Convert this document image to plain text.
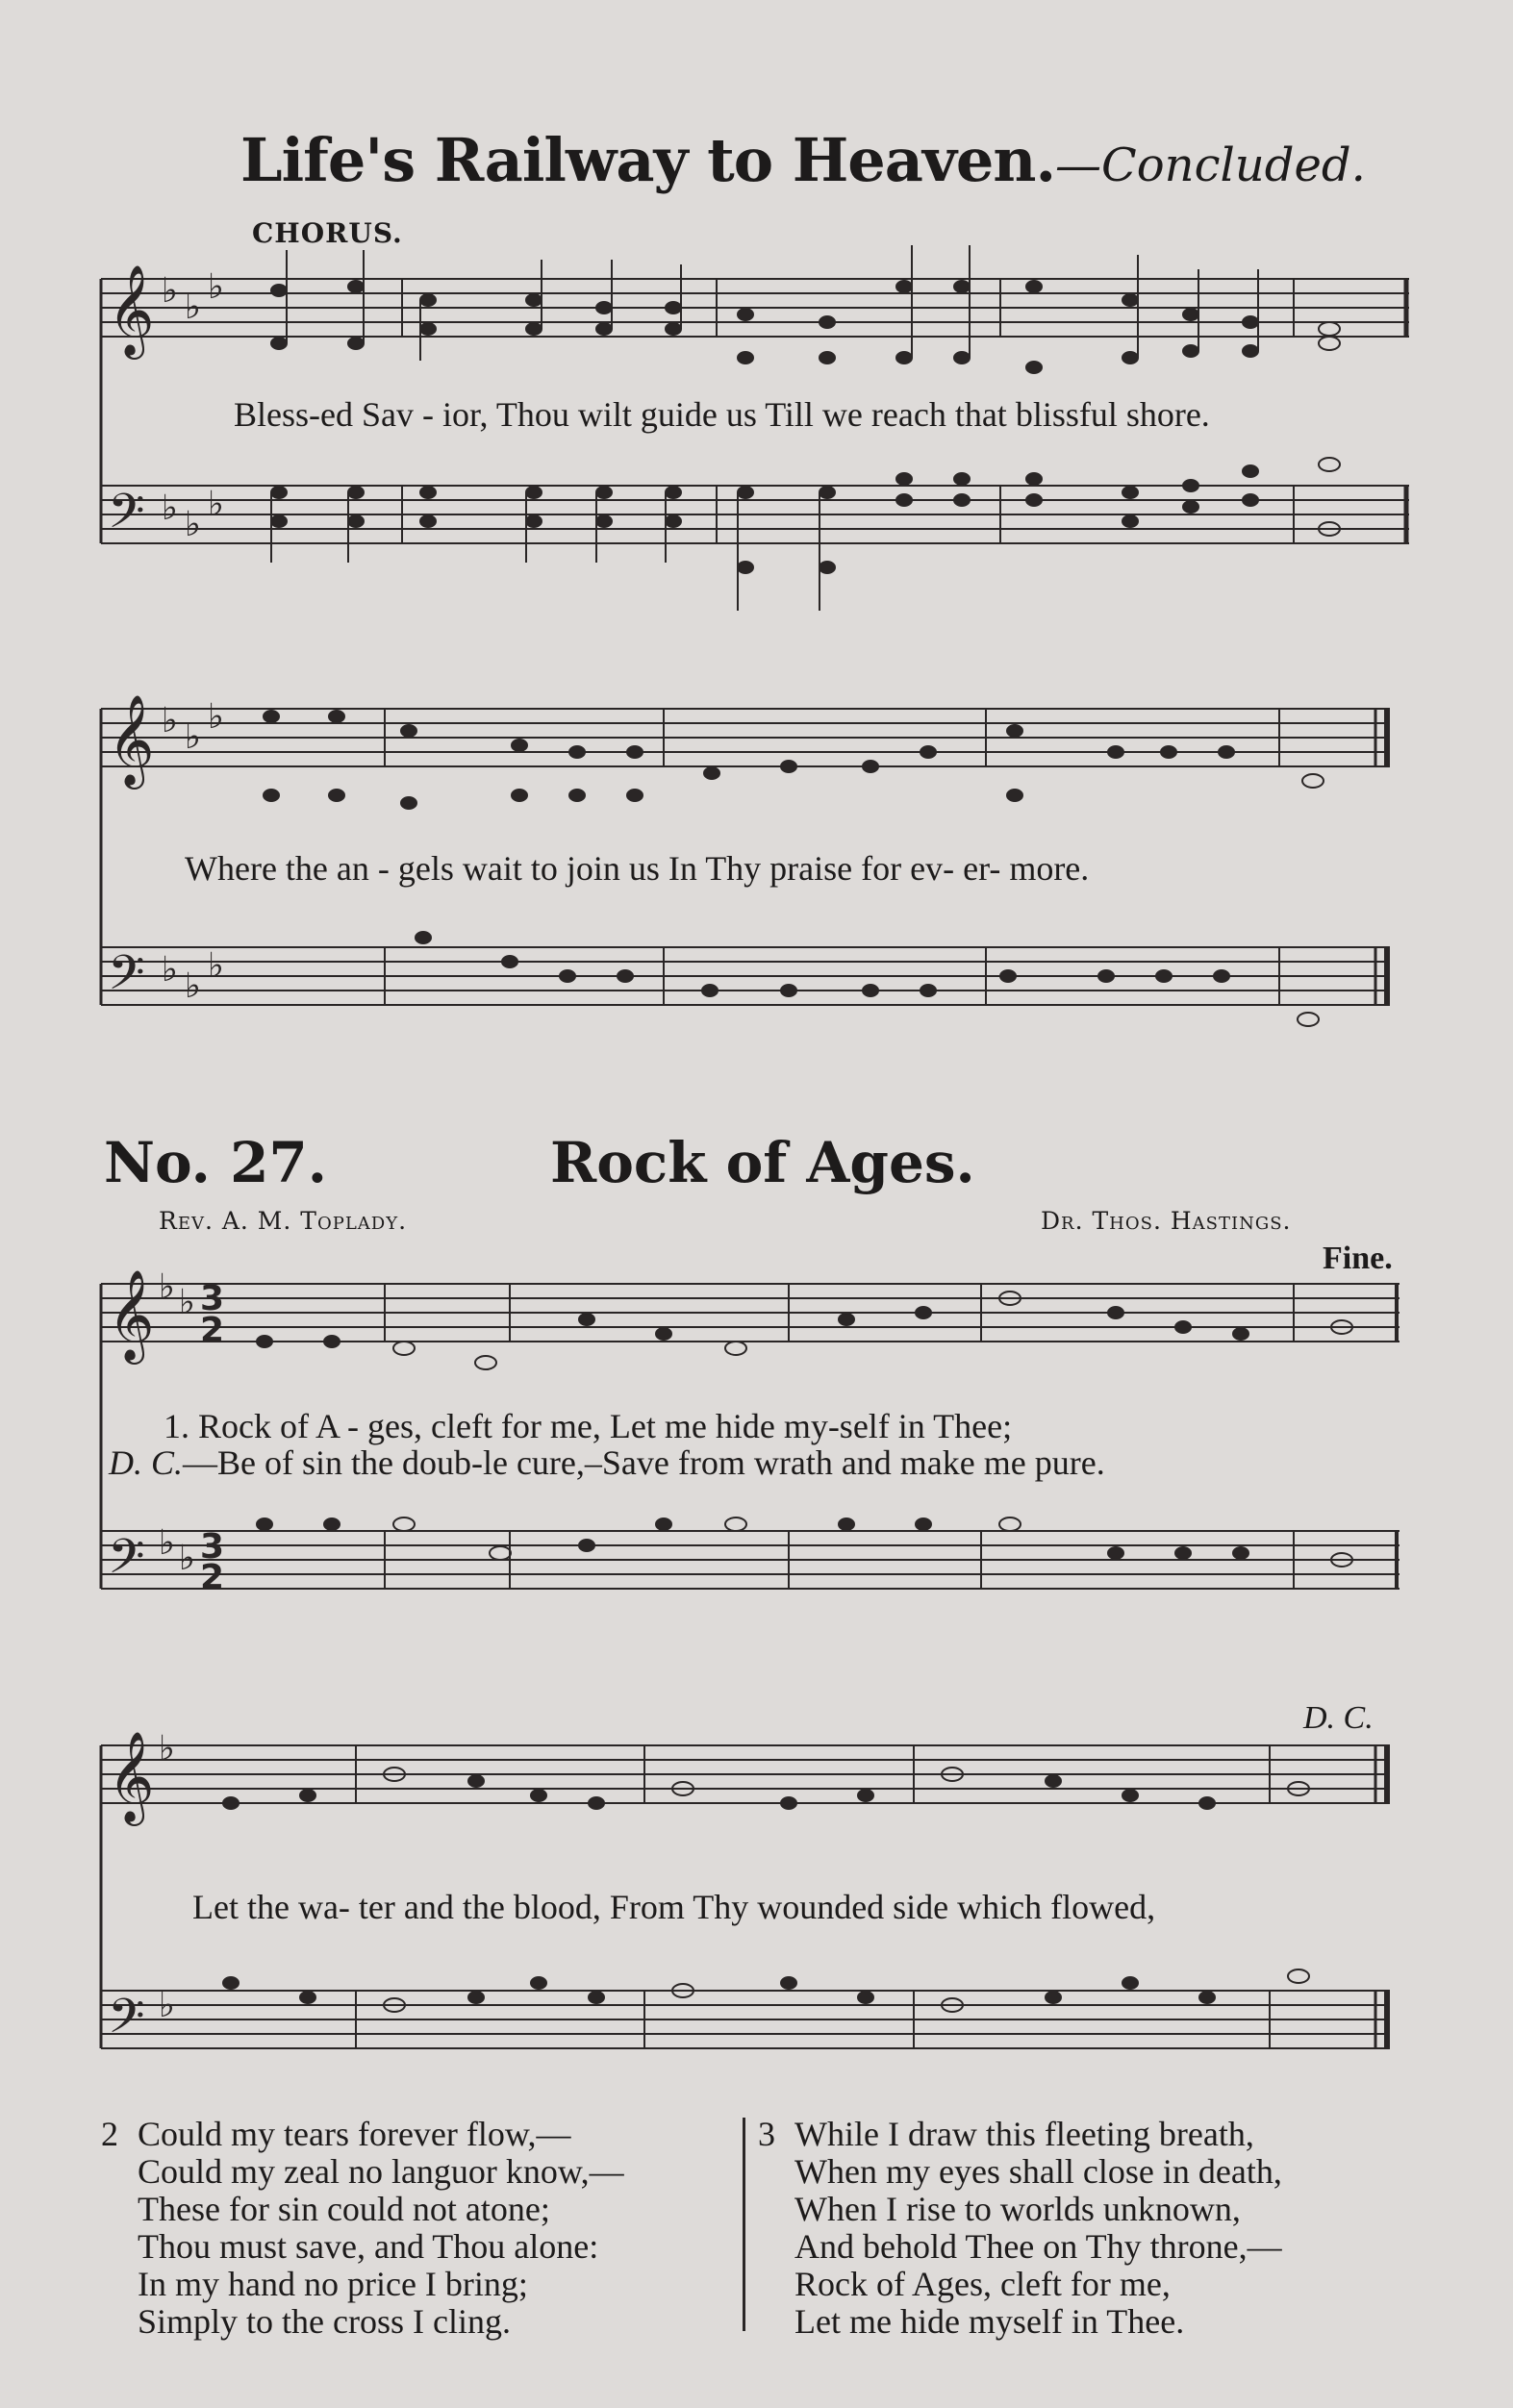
Life's Railway to Heaven.—Concluded.
CHORUS.
𝄞
𝄢
𝄞
𝄢
𝄞
𝄢
𝄞
𝄢
♭ ♭
♭
♭ ♭
♭
♭ ♭
♭
♭ ♭
♭
♭ ♭
♭ ♭
♭
♭
3
2
3
2
Bless-ed Sav - ior, Thou wilt guide us Till we reach that blissful shore.
Where the an - gels wait to join us In Thy praise for ev- er- more.
No. 27.	Rock of Ages.
Rev. A. M. Toplady.	Dr. Thos. Hastings.
Fine.
1. Rock of A - ges, cleft for me, Let me hide my-self in Thee;
D. C.—Be of sin the doub-le cure,–Save from wrath and make me pure.
D. C.
Let the wa- ter and the blood, From Thy wounded side which flowed,
2 Could my tears forever flow,—
Could my zeal no languor know,—
These for sin could not atone;
Thou must save, and Thou alone:
In my hand no price I bring;
Simply to the cross I cling.
3 While I draw this fleeting breath,
When my eyes shall close in death,
When I rise to worlds unknown,
And behold Thee on Thy throne,—
Rock of Ages, cleft for me,
Let me hide myself in Thee.
